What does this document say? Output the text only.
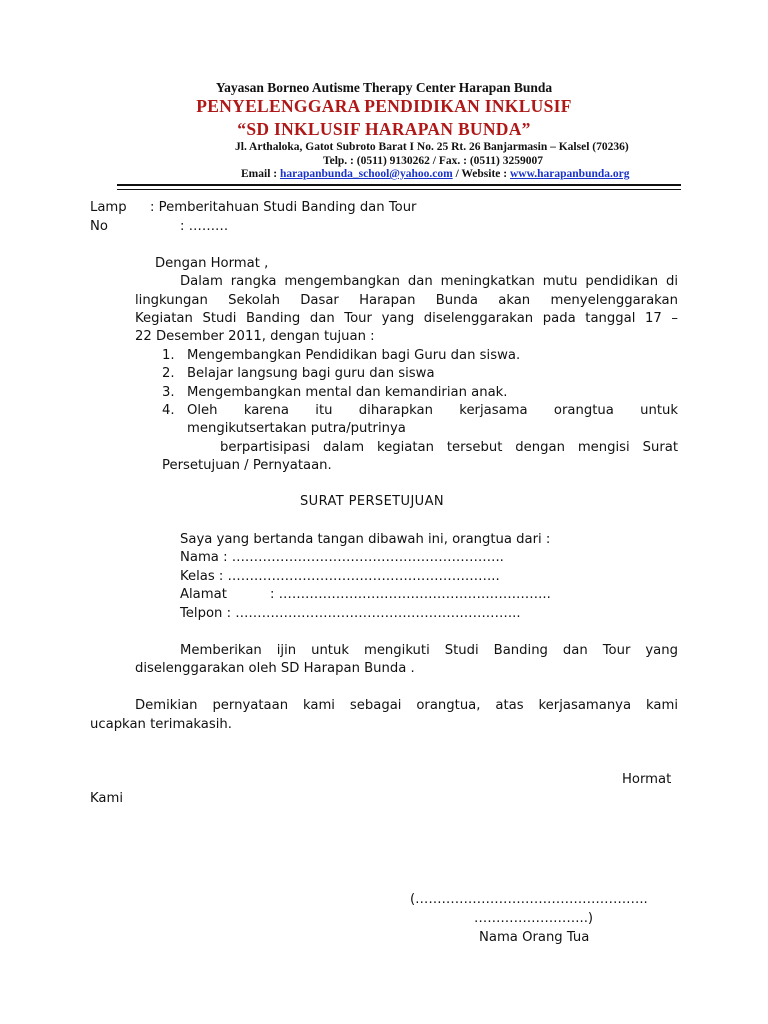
Yayasan Borneo Autisme Therapy Center Harapan Bunda
PENYELENGGARA PENDIDIKAN INKLUSIF
“SD INKLUSIF HARAPAN BUNDA”
Jl. Arthaloka, Gatot Subroto Barat I No. 25 Rt. 26 Banjarmasin – Kalsel (70236)
Telp. : (0511) 9130262 / Fax. : (0511) 3259007
Email : harapanbunda_school@yahoo.com / Website : www.harapanbunda.org
Lamp : Pemberitahuan Studi Banding dan Tour
No	: ………
Dengan Hormat ,
Dalam rangka mengembangkan dan meningkatkan mutu pendidikan di
lingkungan Sekolah Dasar Harapan Bunda akan menyelenggarakan
Kegiatan Studi Banding dan Tour yang diselenggarakan pada tanggal 17 –
22 Desember 2011, dengan tujuan :
1. Mengembangkan Pendidikan bagi Guru dan siswa.
2. Belajar langsung bagi guru dan siswa
3. Mengembangkan mental dan kemandirian anak.
4. Oleh karena itu diharapkan kerjasama orangtua untuk
mengikutsertakan putra/putrinya
berpartisipasi dalam kegiatan tersebut dengan mengisi Surat
Persetujuan / Pernyataan.
SURAT PERSETUJUAN
Saya yang bertanda tangan dibawah ini, orangtua dari :
Nama : ……………………………………………………..
Kelas : ……………………………………………………..
Alamat	: ……………………………………………………..
Telpon : ………………………………………………………..
Memberikan ijin untuk mengikuti Studi Banding dan Tour yang
diselenggarakan oleh SD Harapan Bunda .
Demikian pernyataan kami sebagai orangtua, atas kerjasamanya kami
ucapkan terimakasih.
Hormat
Kami
(……………………………………………..
……………………..)
Nama Orang Tua
